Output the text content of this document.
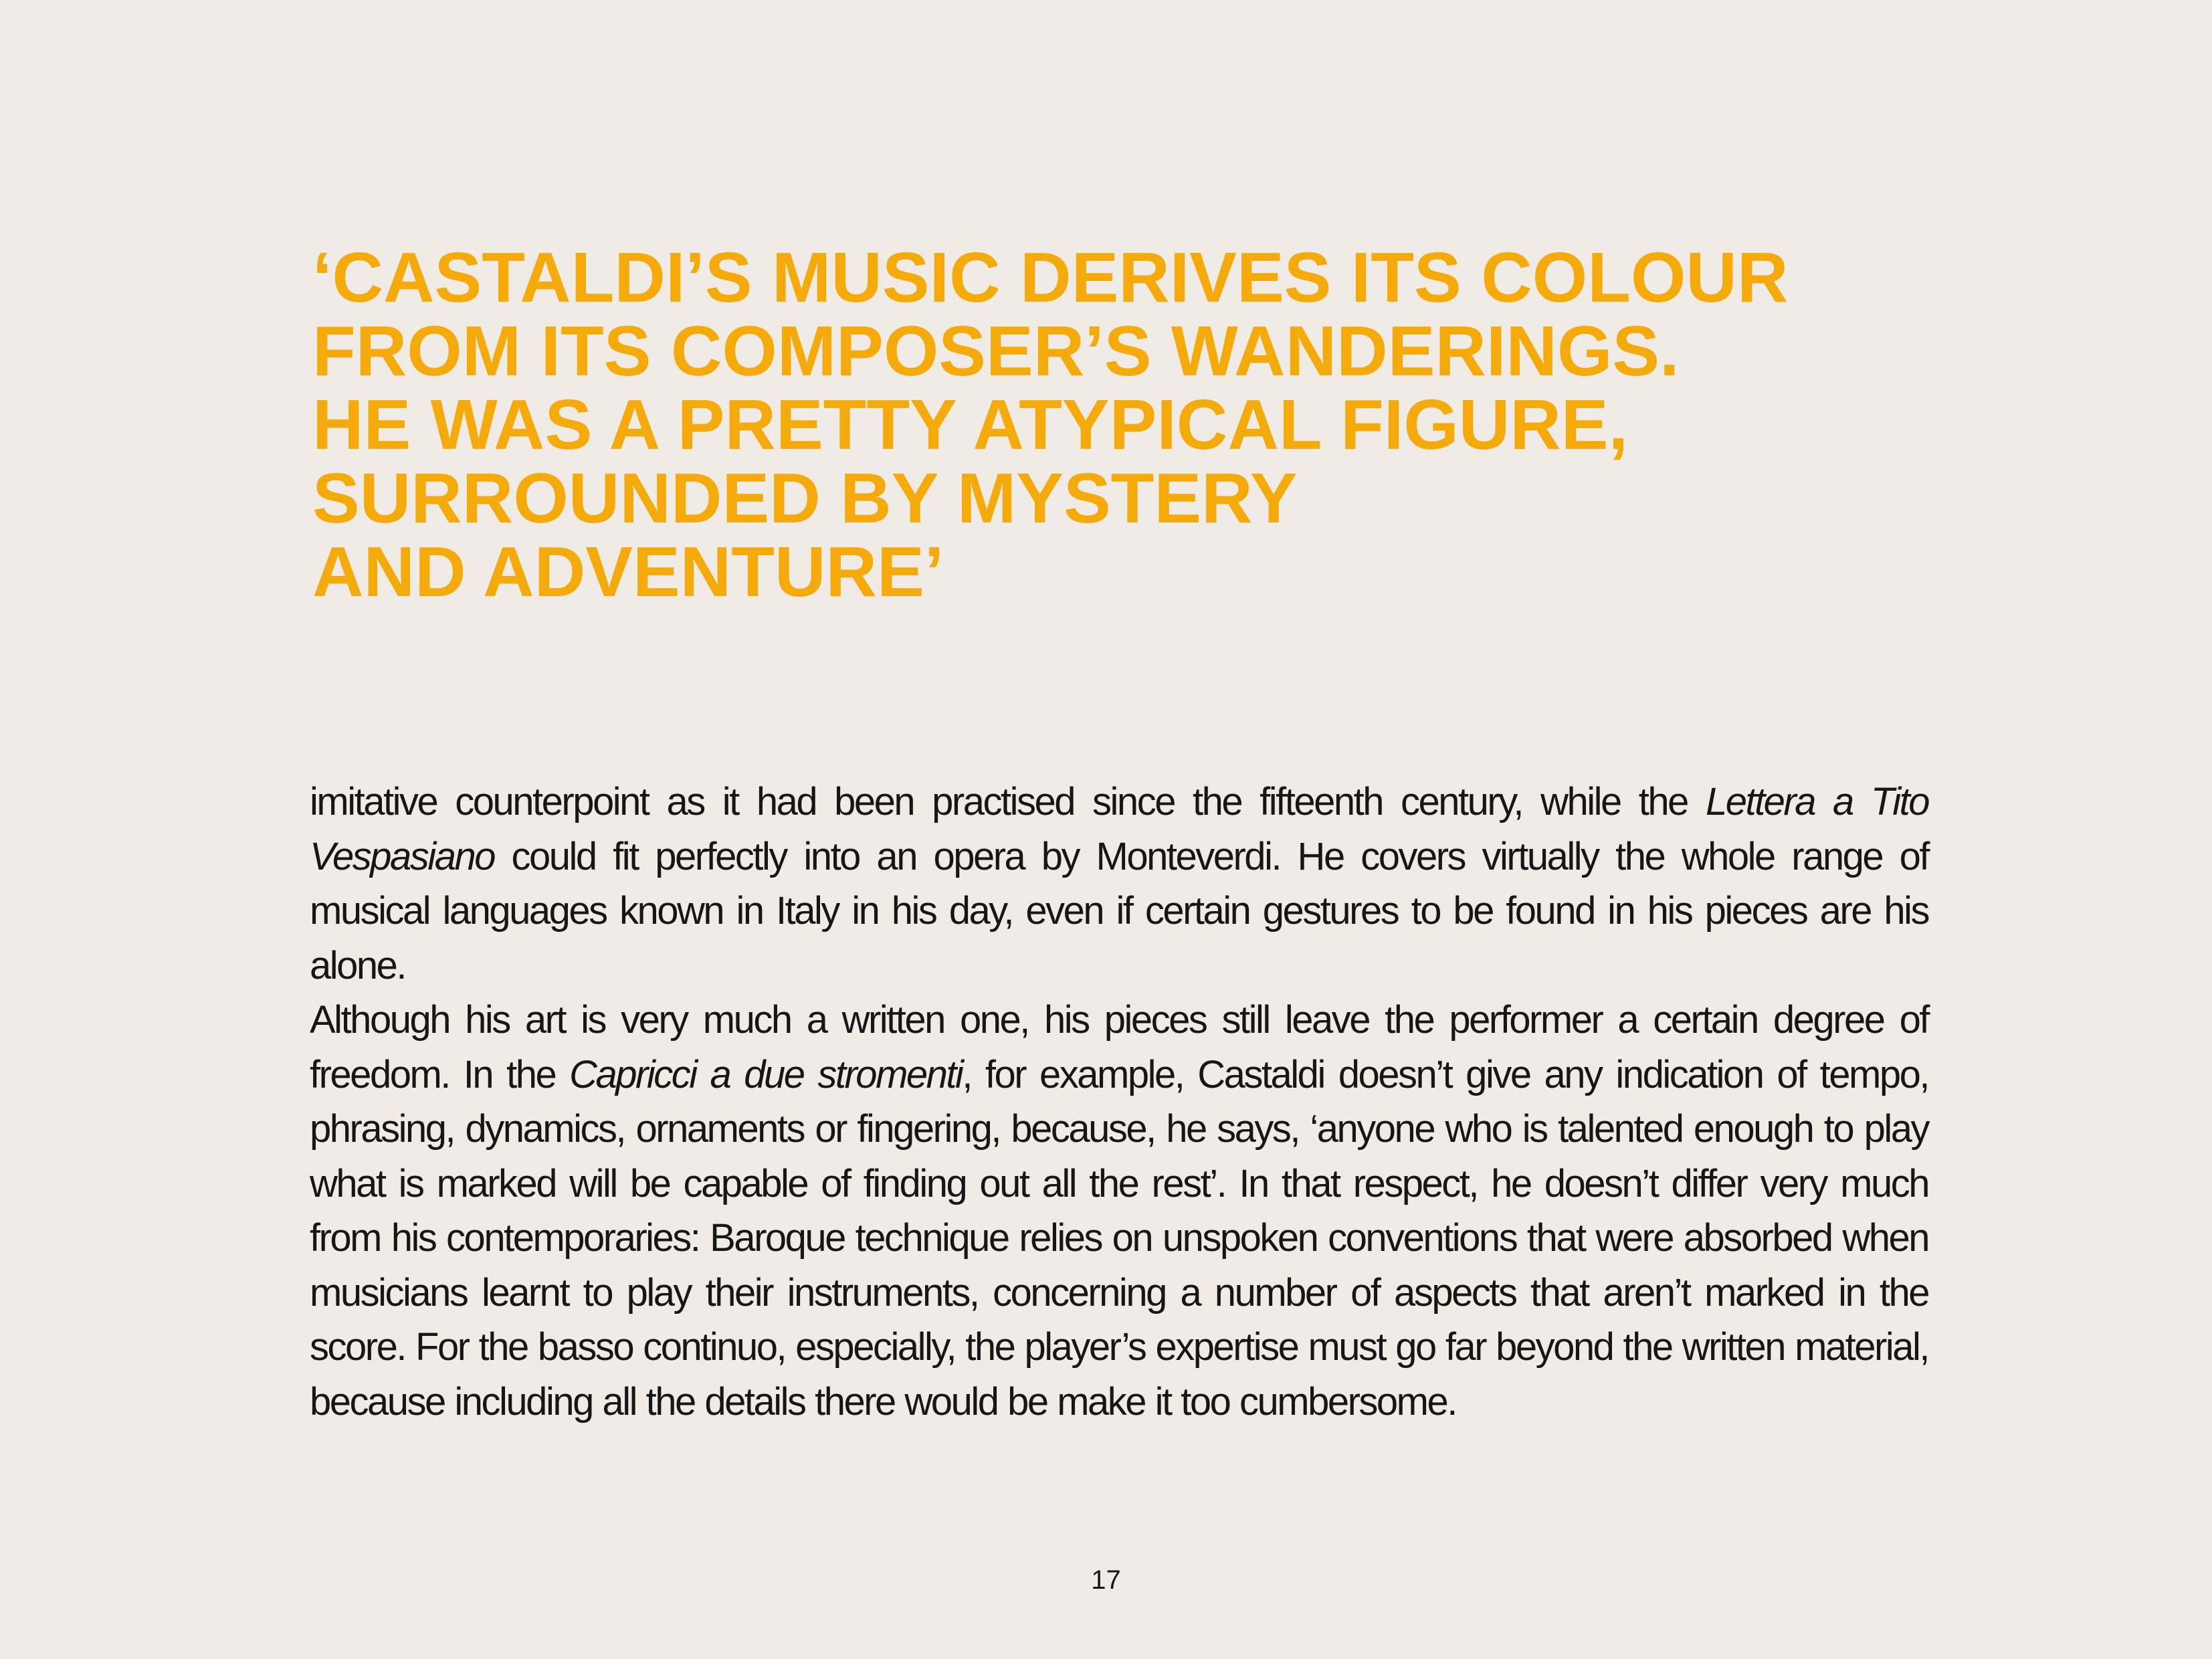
‘CASTALDI’S MUSIC DERIVES ITS COLOUR
FROM ITS COMPOSER’S WANDERINGS.
HE WAS A PRETTY ATYPICAL FIGURE,
SURROUNDED BY MYSTERY
AND ADVENTURE’

imitative counterpoint as it had been practised since the fifteenth century, while the Lettera a Tito Vespasiano could fit perfectly into an opera by Monteverdi. He covers virtually the whole range of musical languages known in Italy in his day, even if certain gestures to be found in his pieces are his alone.

Although his art is very much a written one, his pieces still leave the performer a certain degree of freedom. In the Capricci a due stromenti, for example, Castaldi doesn’t give any indication of tempo, phrasing, dynamics, ornaments or fingering, because, he says, ‘anyone who is talented enough to play what is marked will be capable of finding out all the rest’. In that respect, he doesn’t differ very much from his contemporaries: Baroque technique relies on unspoken conventions that were absorbed when musicians learnt to play their instruments, concerning a number of aspects that aren’t marked in the score. For the basso continuo, especially, the player’s expertise must go far beyond the written material, because including all the details there would be make it too cumbersome.

17
